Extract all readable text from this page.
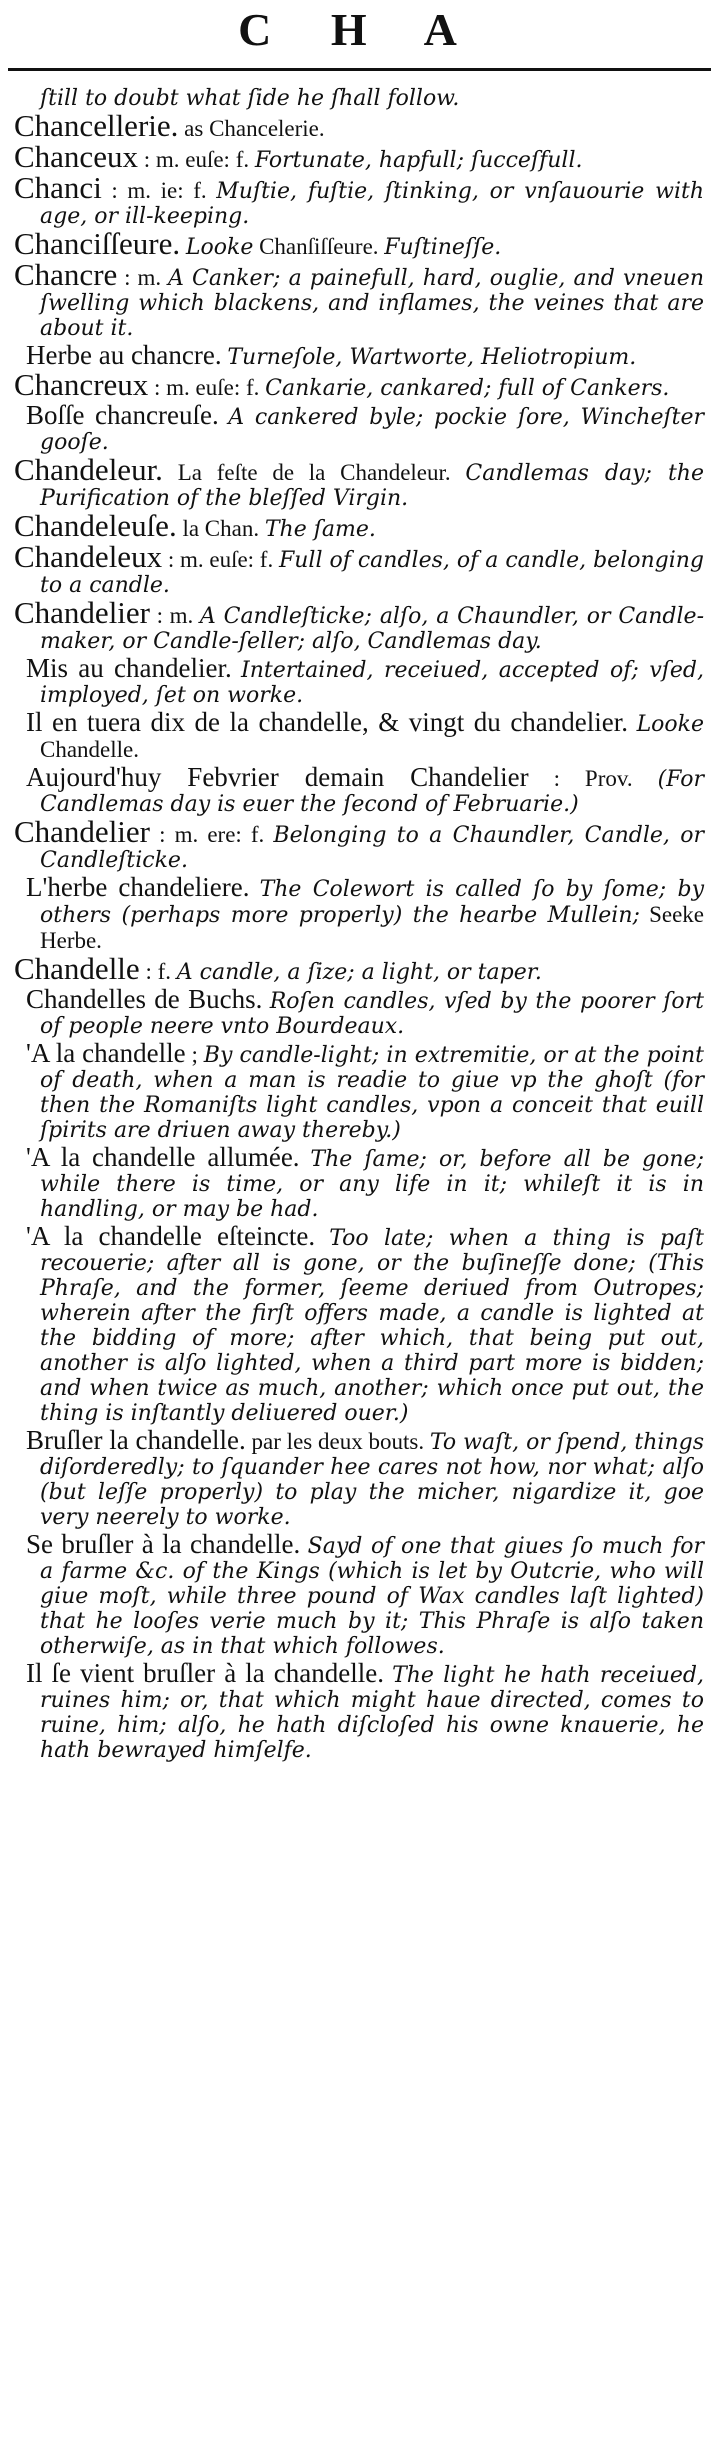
C H A
ſtill to doubt what ſide he ſhall follow.
Chancellerie. as Chancelerie.
Chanceux : m. euſe: f. Fortunate, hapfull; ſucceſfull.
Chanci : m. ie: f. Muſtie, fuſtie, ſtinking, or vnſauourie with age, or ill-keeping.
Chanciſſeure. Looke Chanſiſſeure. Fuſtineſſe.
Chancre : m. A Canker; a painefull, hard, ouglie, and vneuen ſwelling which blackens, and inflames, the veines that are about it.
Herbe au chancre. Turneſole, Wartworte, Heliotropium.
Chancreux : m. euſe: f. Cankarie, cankared; full of Cankers.
Boſſe chancreuſe. A cankered byle; pockie ſore, Wincheſter gooſe.
Chandeleur. La feſte de la Chandeleur. Candlemas day; the Purification of the bleſſed Virgin.
Chandeleuſe. la Chan. The ſame.
Chandeleux : m. euſe: f. Full of candles, of a candle, belonging to a candle.
Chandelier : m. A Candleſticke; alſo, a Chaundler, or Candle-maker, or Candle-ſeller; alſo, Candlemas day.
Mis au chandelier. Intertained, receiued, accepted of; vſed, imployed, ſet on worke.
Il en tuera dix de la chandelle, & vingt du chandelier. Looke Chandelle.
Aujourd'huy Febvrier demain Chandelier : Prov. (For Candlemas day is euer the ſecond of Februarie.)
Chandelier : m. ere: f. Belonging to a Chaundler, Candle, or Candleſticke.
L'herbe chandeliere. The Colewort is called ſo by ſome; by others (perhaps more properly) the hearbe Mullein; Seeke Herbe.
Chandelle : f. A candle, a ſize; a light, or taper.
Chandelles de Buchs. Roſen candles, vſed by the poorer ſort of people neere vnto Bourdeaux.
'A la chandelle ; By candle-light; in extremitie, or at the point of death, when a man is readie to giue vp the ghoſt (for then the Romaniſts light candles, vpon a conceit that euill ſpirits are driuen away thereby.)
'A la chandelle allumée. The ſame; or, before all be gone; while there is time, or any life in it; whileſt it is in handling, or may be had.
'A la chandelle eſteincte. Too late; when a thing is paſt recouerie; after all is gone, or the buſineſſe done; (This Phraſe, and the former, ſeeme deriued from Outropes; wherein after the firſt offers made, a candle is lighted at the bidding of more; after which, that being put out, another is alſo lighted, when a third part more is bidden; and when twice as much, another; which once put out, the thing is inſtantly deliuered ouer.)
Bruſler la chandelle. par les deux bouts. To waſt, or ſpend, things diſorderedly; to ſquander hee cares not how, nor what; alſo (but leſſe properly) to play the micher, nigardize it, goe very neerely to worke.
Se bruſler à la chandelle. Sayd of one that giues ſo much for a farme &c. of the Kings (which is let by Outcrie, who will giue moſt, while three pound of Wax candles laſt lighted) that he looſes verie much by it; This Phraſe is alſo taken otherwiſe, as in that which followes.
Il ſe vient bruſler à la chandelle. The light he hath receiued, ruines him; or, that which might haue directed, comes to ruine, him; alſo, he hath diſcloſed his owne knauerie, he hath bewrayed himſelfe.
